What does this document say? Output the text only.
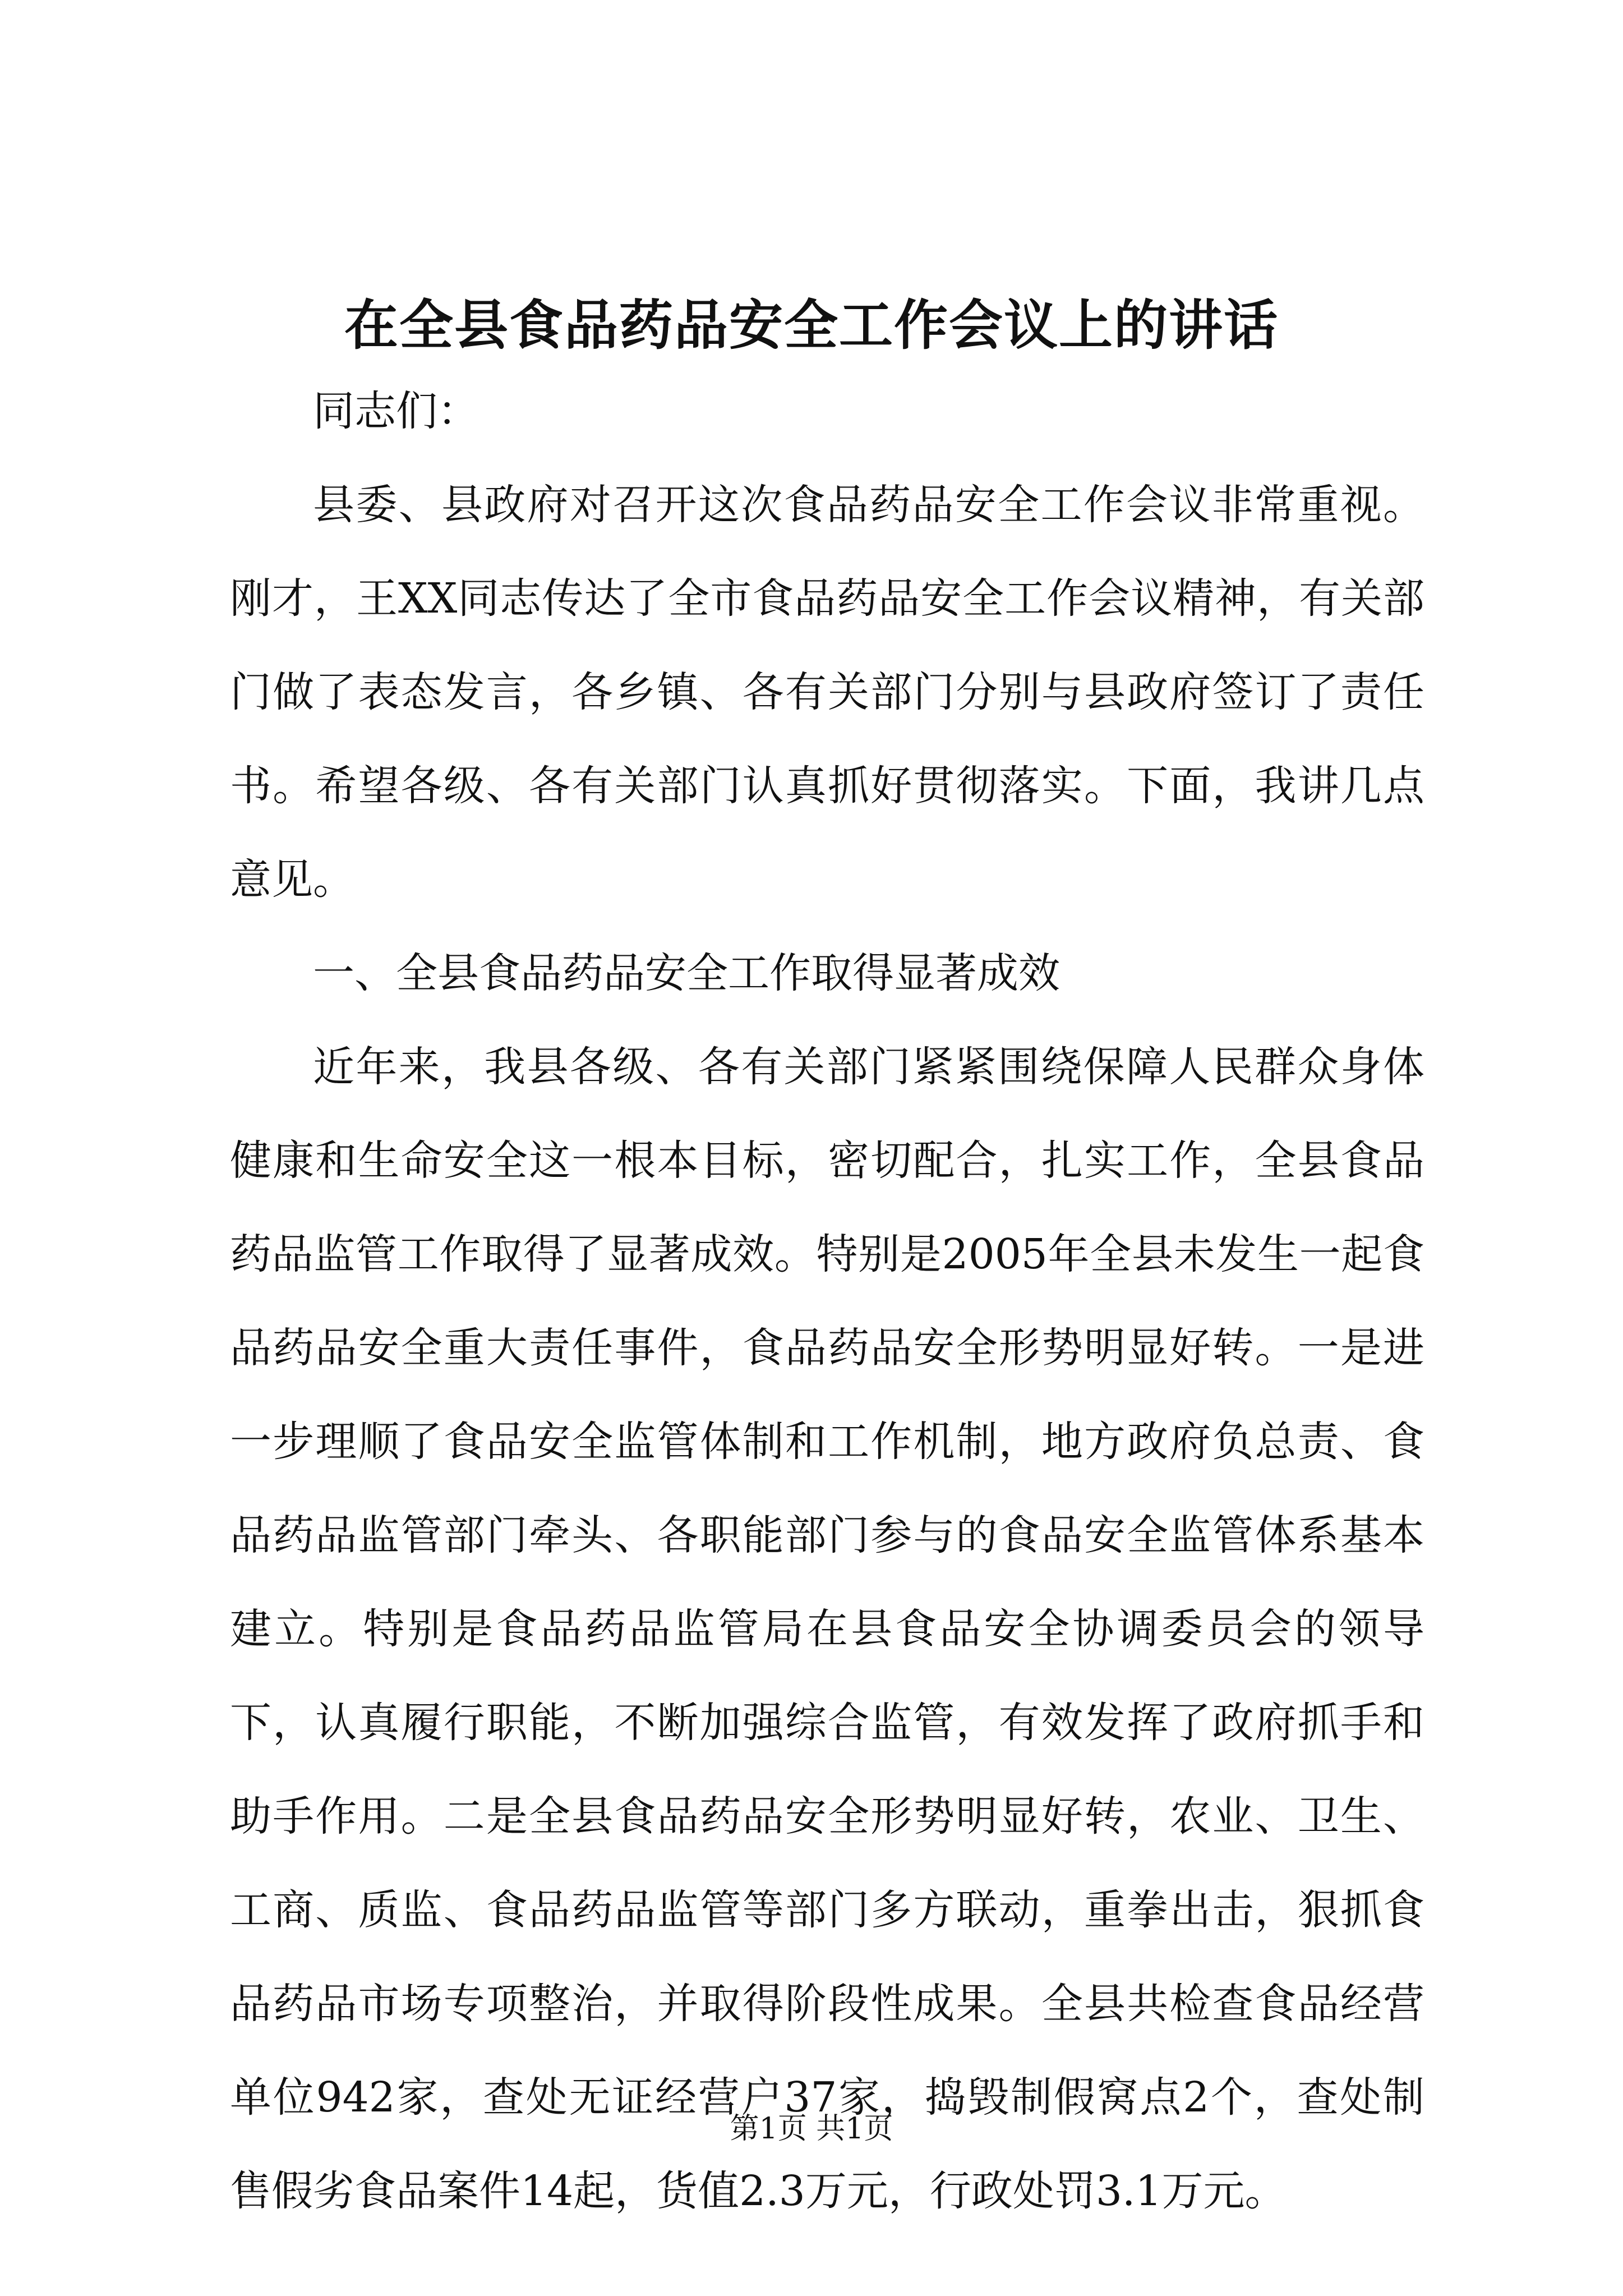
在全县食品药品安全工作会议上的讲话

同志们：

县委、县政府对召开这次食品药品安全工作会议非常重视。刚才，王XX同志传达了全市食品药品安全工作会议精神，有关部门做了表态发言，各乡镇、各有关部门分别与县政府签订了责任书。希望各级、各有关部门认真抓好贯彻落实。下面，我讲几点意见。

一、全县食品药品安全工作取得显著成效

近年来，我县各级、各有关部门紧紧围绕保障人民群众身体健康和生命安全这一根本目标，密切配合，扎实工作，全县食品药品监管工作取得了显著成效。特别是2005年全县未发生一起食品药品安全重大责任事件，食品药品安全形势明显好转。一是进一步理顺了食品安全监管体制和工作机制，地方政府负总责、食品药品监管部门牵头、各职能部门参与的食品安全监管体系基本建立。特别是食品药品监管局在县食品安全协调委员会的领导下，认真履行职能，不断加强综合监管，有效发挥了政府抓手和助手作用。二是全县食品药品安全形势明显好转，农业、卫生、工商、质监、食品药品监管等部门多方联动，重拳出击，狠抓食品药品市场专项整治，并取得阶段性成果。全县共检查食品经营单位942家，查处无证经营户37家，捣毁制假窝点2个，查处制售假劣食品案件14起，货值2.3万元，行政处罚3.1万元。

第1页 共1页
